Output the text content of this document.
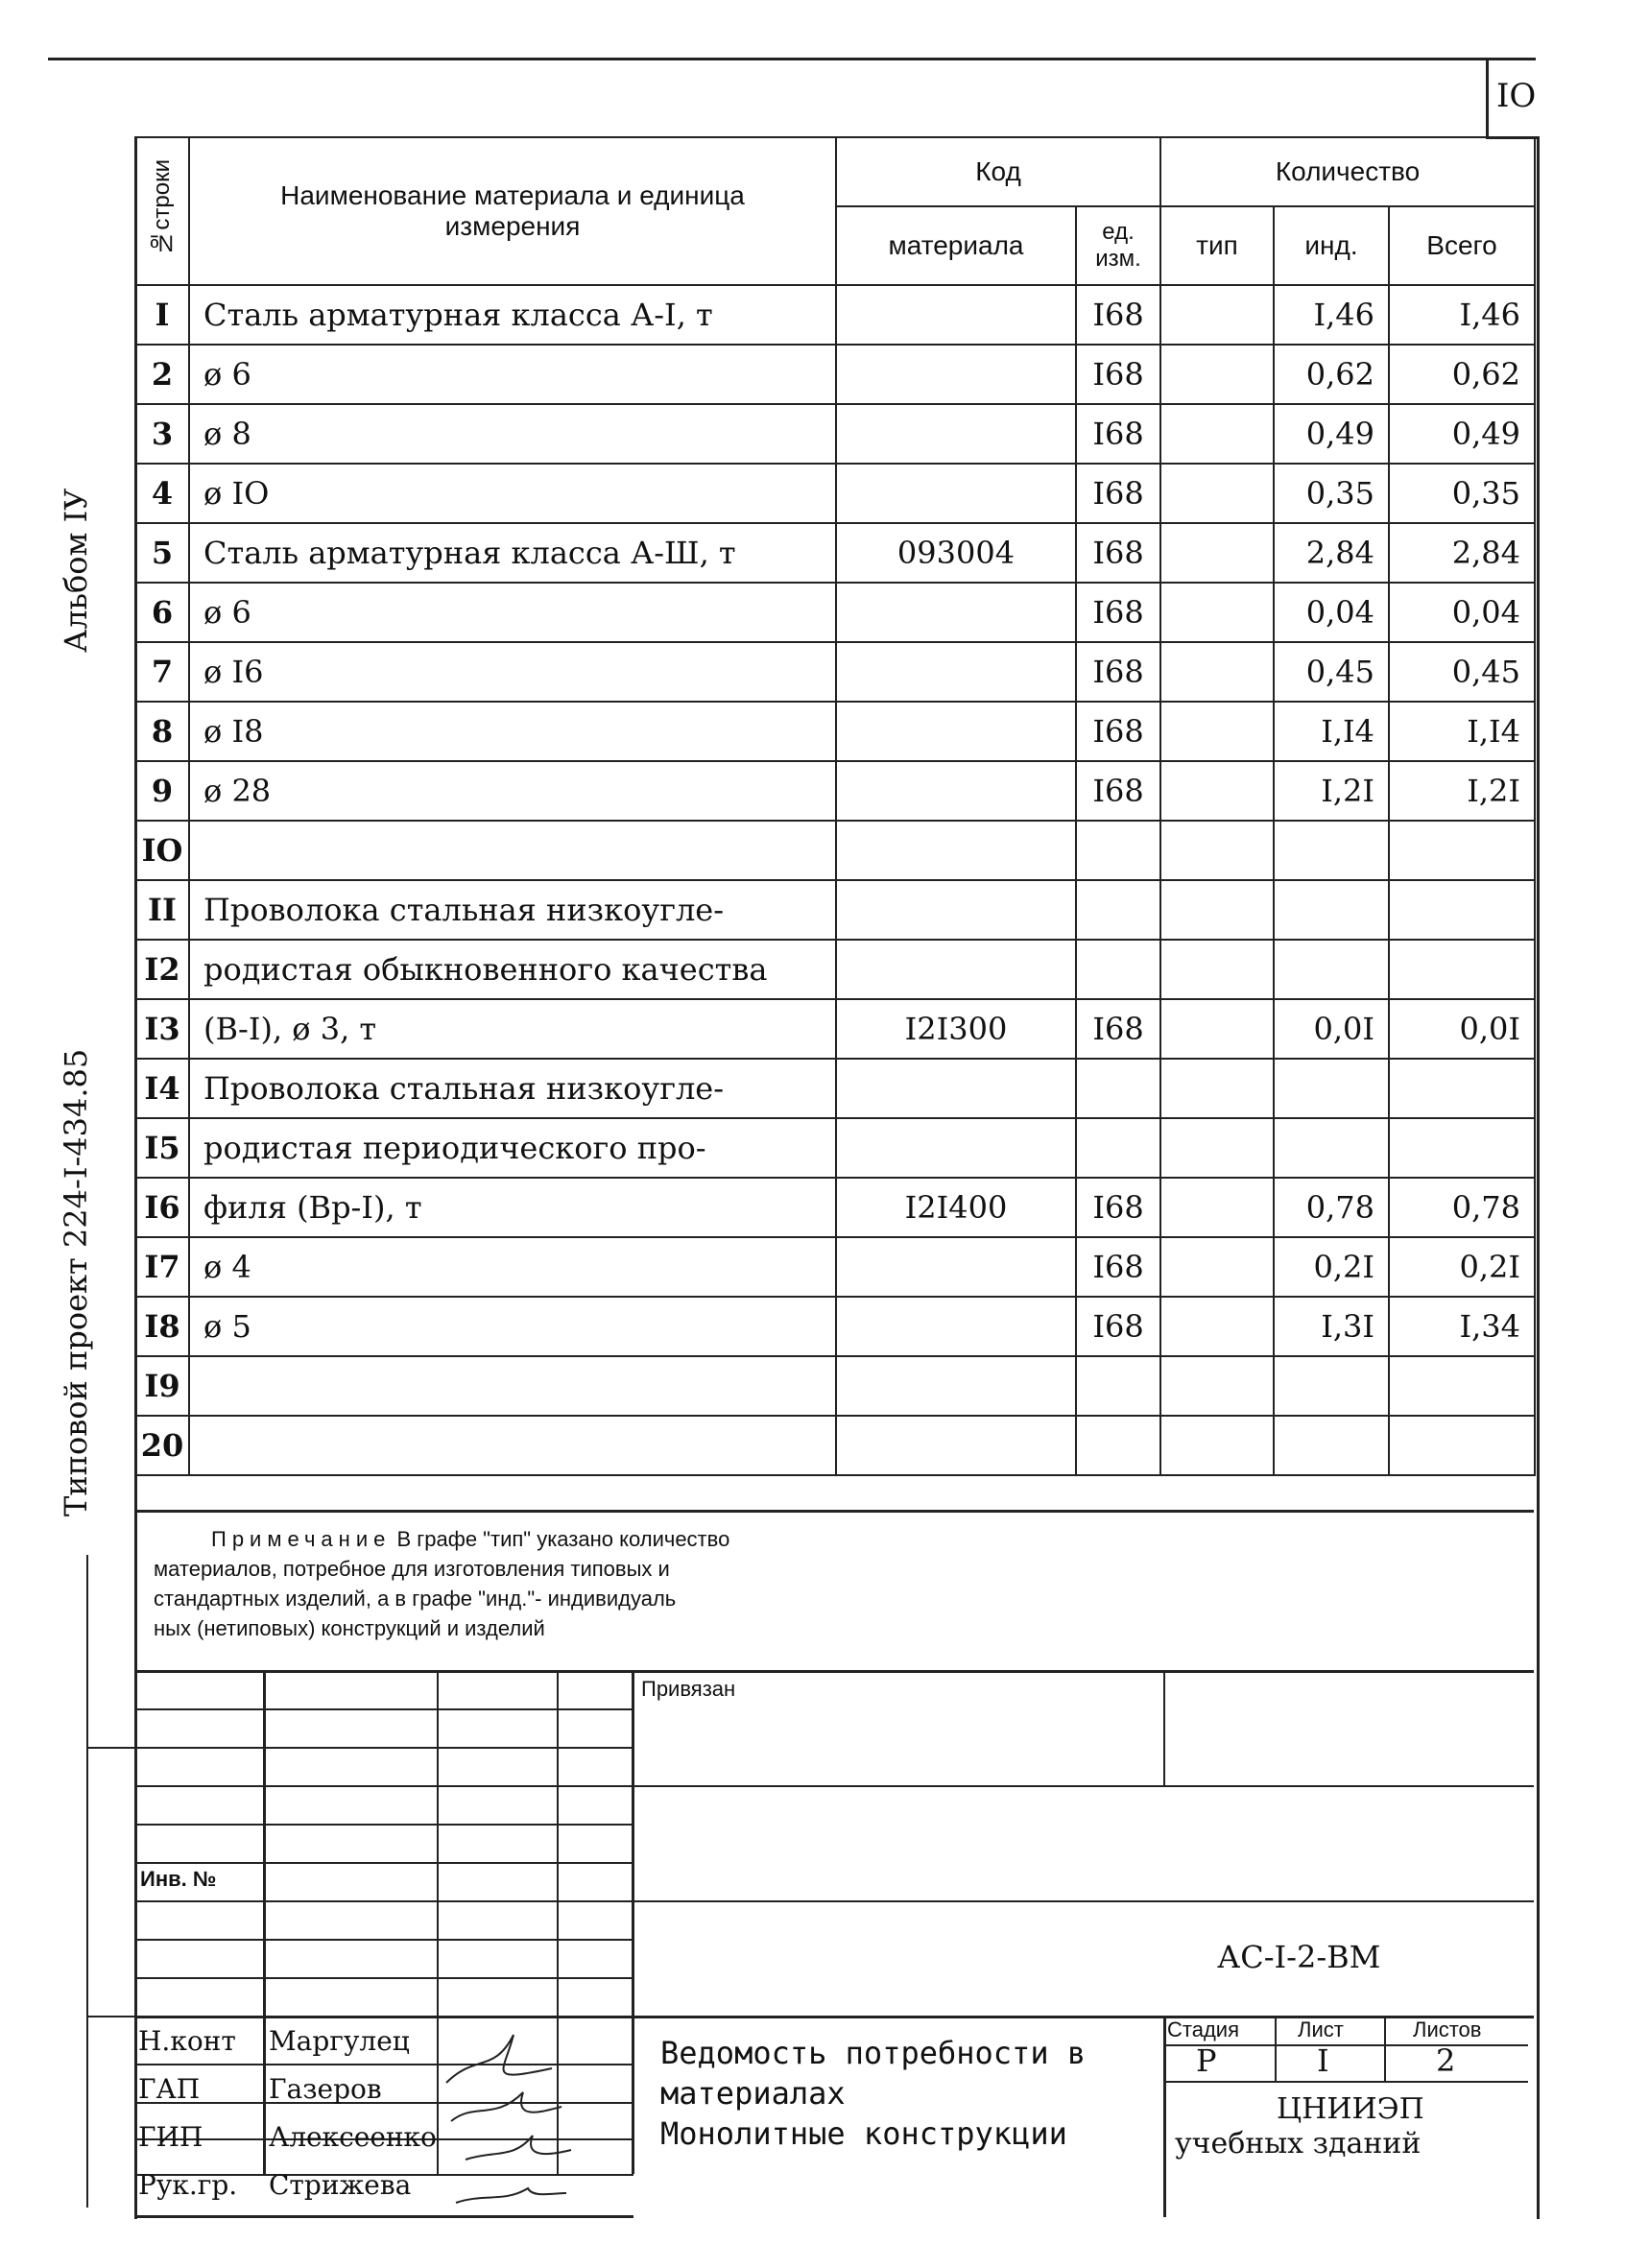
IO
Альбом IУ
Типовой проект 224-I-434.85
№строки	Наименование материала и единица измерения	Код		Количество		
		материала	ед. изм.	тип	инд.	Всего
I	Сталь арматурная класса А-I, т		I68		I,46	I,46
2	ø 6		I68		0,62	0,62
3	ø 8		I68		0,49	0,49
4	ø IO		I68		0,35	0,35
5	Сталь арматурная класса А-Ш, т	093004	I68		2,84	2,84
6	ø 6		I68		0,04	0,04
7	ø I6		I68		0,45	0,45
8	ø I8		I68		I,I4	I,I4
9	ø 28		I68		I,2I	I,2I
IO						
II	Проволока стальная низкоугле-					
I2	родистая обыкновенного качества					
I3	(В-I), ø 3, т	I2I300	I68		0,0I	0,0I
I4	Проволока стальная низкоугле-					
I5	родистая периодического про-					
I6	филя (Вр-I), т	I2I400	I68		0,78	0,78
I7	ø 4		I68		0,2I	0,2I
I8	ø 5		I68		I,3I	I,34
I9						
20						
Примечание В графе "тип" указано количество
материалов, потребное для изготовления типовых и
стандартных изделий, а в графе "инд."- индивидуаль
ных (нетиповых) конструкций и изделий
Привязан
Инв. №
АС-I-2-ВМ
Ведомость потребности в
материалах
Монолитные конструкции
Стадия	Лист	Листов
Р	I	2
ЦНИИЭП
учебных зданий
Н.конт Маргулец
ГАП	Газеров
ГИП Алексеенко
Рук.гр. Стрижева
